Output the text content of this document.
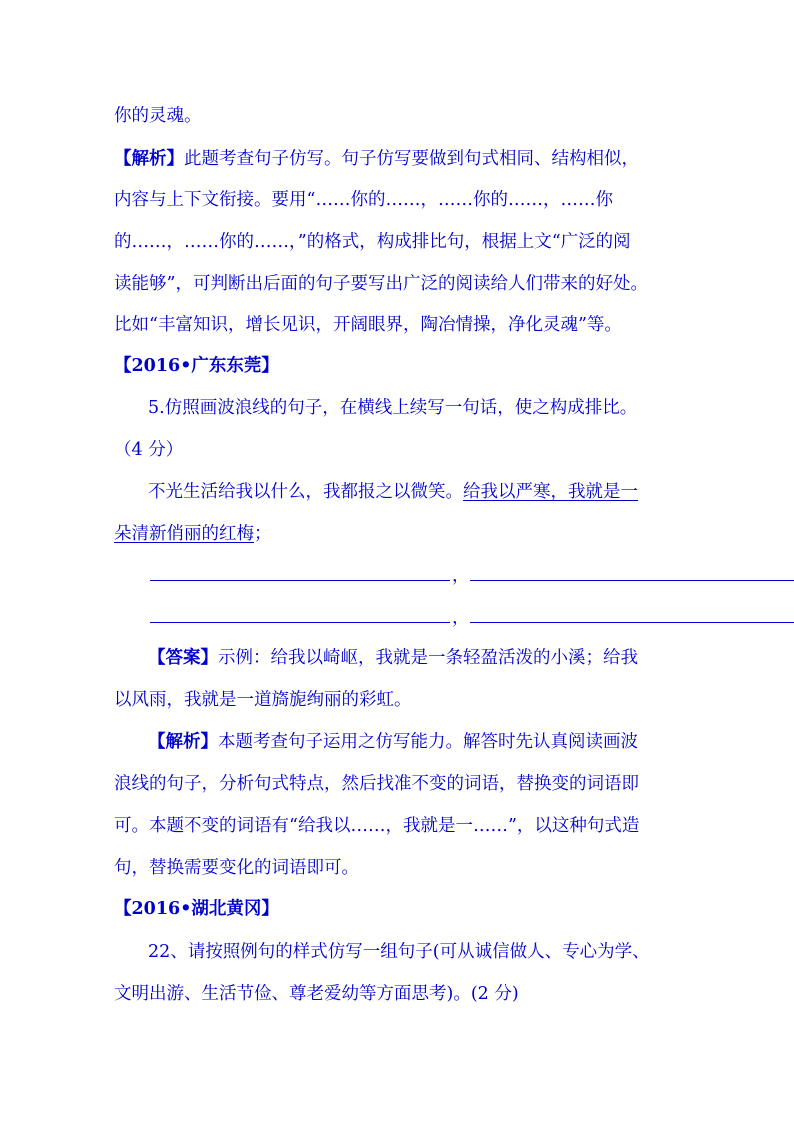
你的灵魂。
【解析】此题考查句子仿写。句子仿写要做到句式相同、结构相似，
内容与上下文衔接。要用“……你的……，……你的……，……你
的……，……你的……，”的格式，构成排比句，根据上文“广泛的阅
读能够”，可判断出后面的句子要写出广泛的阅读给人们带来的好处。
比如“丰富知识，增长见识，开阔眼界，陶冶情操，净化灵魂”等。
【2016•广东东莞】
5.仿照画波浪线的句子，在横线上续写一句话，使之构成排比。
（4 分）
不光生活给我以什么，我都报之以微笑。给我以严寒，我就是一
朵清新俏丽的红梅；
，
，
【答案】示例：给我以崎岖，我就是一条轻盈活泼的小溪；给我
以风雨，我就是一道旖旎绚丽的彩虹。
【解析】本题考查句子运用之仿写能力。解答时先认真阅读画波
浪线的句子，分析句式特点，然后找准不变的词语，替换变的词语即
可。本题不变的词语有“给我以……，我就是一……”，以这种句式造
句，替换需要变化的词语即可。
【2016•湖北黄冈】
22、请按照例句的样式仿写一组句子(可从诚信做人、专心为学、
文明出游、生活节俭、尊老爱幼等方面思考)。(2 分)
